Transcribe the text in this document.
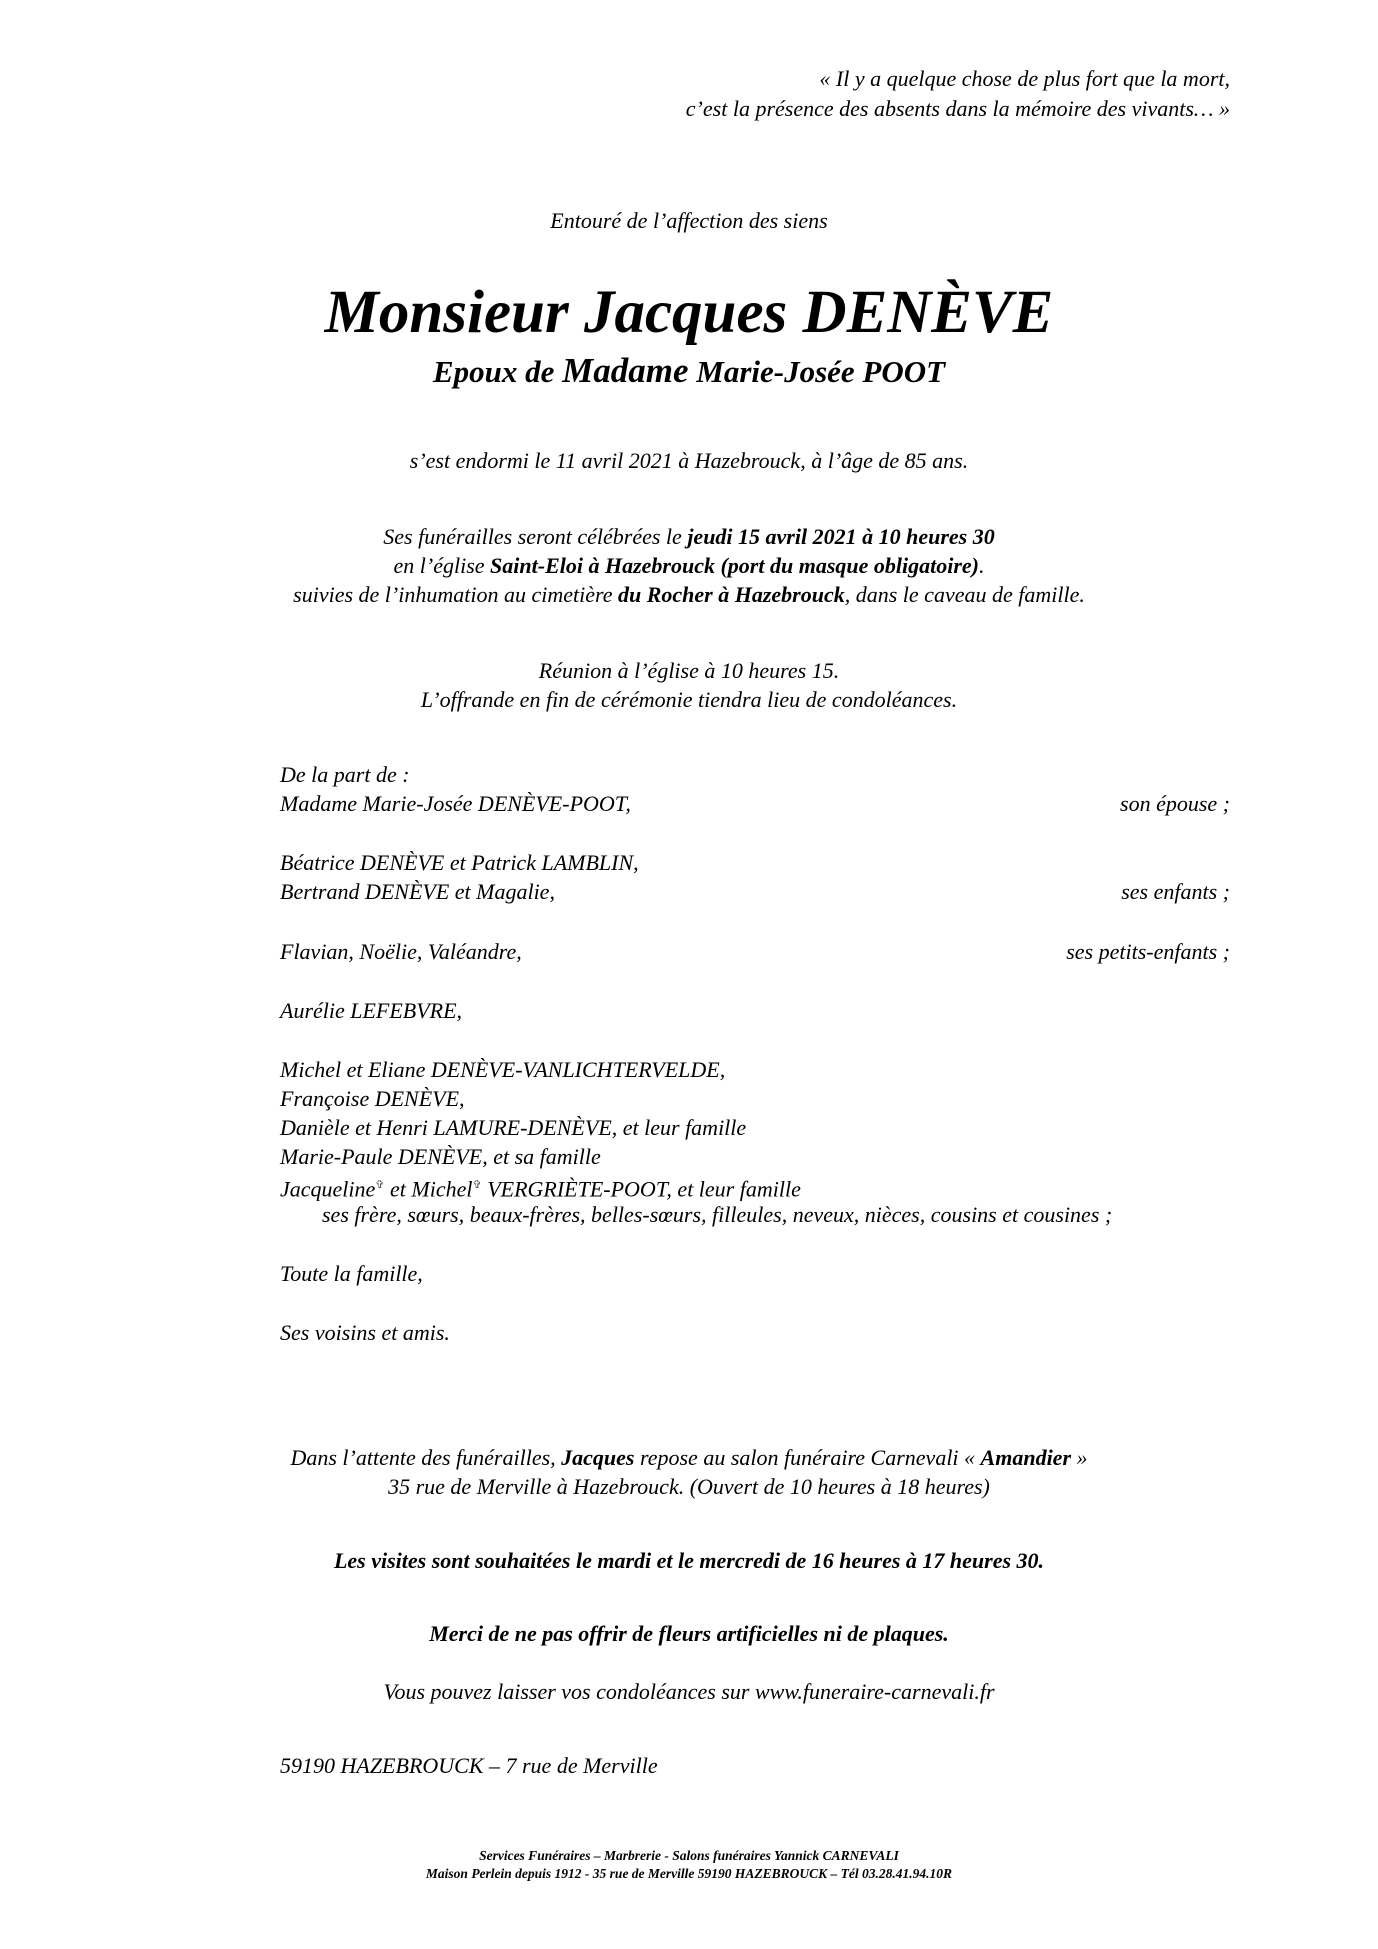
« Il y a quelque chose de plus fort que la mort,
c’est la présence des absents dans la mémoire des vivants… »
Entouré de l’affection des siens
Monsieur Jacques DENÈVE
Epoux de Madame Marie-Josée POOT
s’est endormi le 11 avril 2021 à Hazebrouck, à l’âge de 85 ans.
Ses funérailles seront célébrées le jeudi 15 avril 2021 à 10 heures 30
en l’église Saint-Eloi à Hazebrouck (port du masque obligatoire).
suivies de l’inhumation au cimetière du Rocher à Hazebrouck, dans le caveau de famille.
Réunion à l’église à 10 heures 15.
L’offrande en fin de cérémonie tiendra lieu de condoléances.
De la part de :
Madame Marie-Josée DENÈVE-POOT,	son épouse ;
Béatrice DENÈVE et Patrick LAMBLIN,
Bertrand DENÈVE et Magalie,	ses enfants ;
Flavian, Noëlie, Valéandre,	ses petits-enfants ;
Aurélie LEFEBVRE,
Michel et Eliane DENÈVE-VANLICHTERVELDE,
Françoise DENÈVE,
Danièle et Henri LAMURE-DENÈVE, et leur famille
Marie-Paule DENÈVE, et sa famille
Jacqueline✞ et Michel✞ VERGRIÈTE-POOT, et leur famille
ses frère, sœurs, beaux-frères, belles-sœurs, filleules, neveux, nièces, cousins et cousines ;
Toute la famille,
Ses voisins et amis.
Dans l’attente des funérailles, Jacques repose au salon funéraire Carnevali « Amandier »
35 rue de Merville à Hazebrouck. (Ouvert de 10 heures à 18 heures)
Les visites sont souhaitées le mardi et le mercredi de 16 heures à 17 heures 30.
Merci de ne pas offrir de fleurs artificielles ni de plaques.
Vous pouvez laisser vos condoléances sur www.funeraire-carnevali.fr
59190 HAZEBROUCK – 7 rue de Merville
Services Funéraires – Marbrerie - Salons funéraires Yannick CARNEVALI
Maison Perlein depuis 1912 - 35 rue de Merville 59190 HAZEBROUCK – Tél 03.28.41.94.10R
